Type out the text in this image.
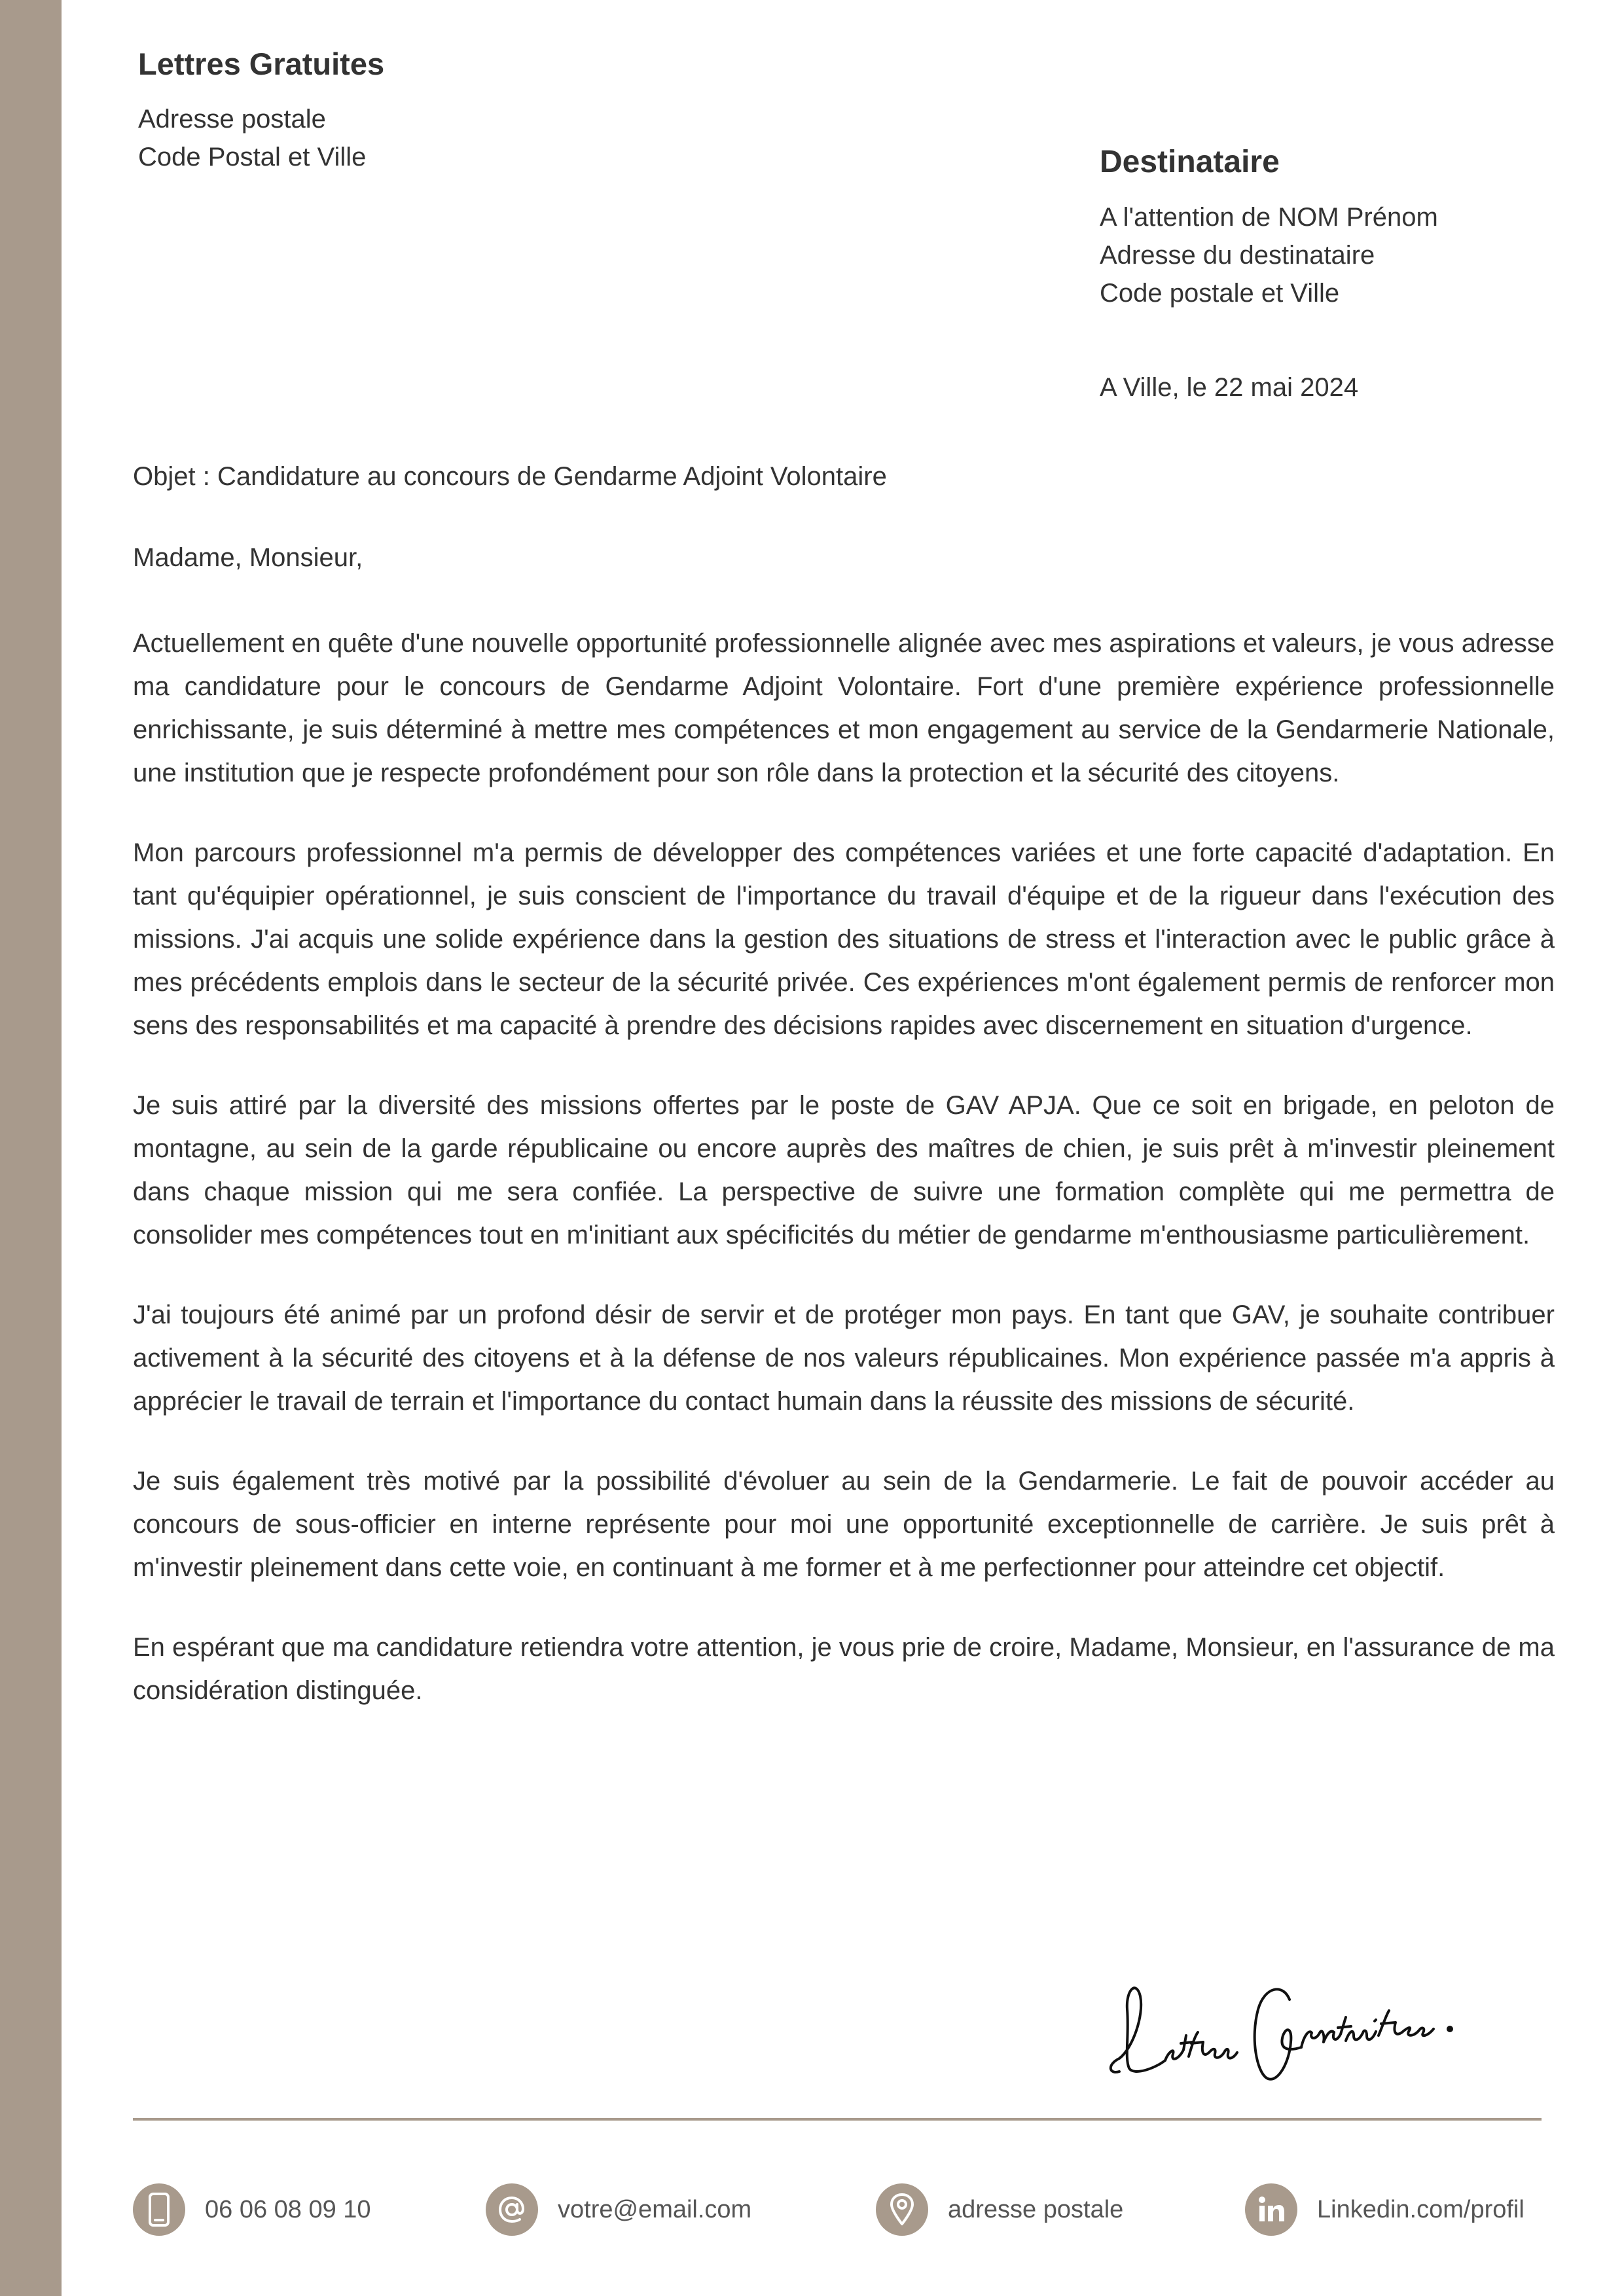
Lettres Gratuites
Adresse postale
Code Postal et Ville	Destinataire
A l'attention de NOM Prénom
Adresse du destinataire
Code postale et Ville
A Ville, le 22 mai 2024
Objet : Candidature au concours de Gendarme Adjoint Volontaire
Madame, Monsieur,

Actuellement en quête d'une nouvelle opportunité professionnelle alignée avec mes aspirations et valeurs, je vous adresse ma candidature pour le concours de Gendarme Adjoint Volontaire. Fort d'une première expérience professionnelle enrichissante, je suis déterminé à mettre mes compétences et mon engagement au service de la Gendarmerie Nationale, une institution que je respecte profondément pour son rôle dans la protection et la sécurité des citoyens.

Mon parcours professionnel m'a permis de développer des compétences variées et une forte capacité d'adaptation. En tant qu'équipier opérationnel, je suis conscient de l'importance du travail d'équipe et de la rigueur dans l'exécution des missions. J'ai acquis une solide expérience dans la gestion des situations de stress et l'interaction avec le public grâce à mes précédents emplois dans le secteur de la sécurité privée. Ces expériences m'ont également permis de renforcer mon sens des responsabilités et ma capacité à prendre des décisions rapides avec discernement en situation d'urgence.

Je suis attiré par la diversité des missions offertes par le poste de GAV APJA. Que ce soit en brigade, en peloton de montagne, au sein de la garde républicaine ou encore auprès des maîtres de chien, je suis prêt à m'investir pleinement dans chaque mission qui me sera confiée. La perspective de suivre une formation complète qui me permettra de consolider mes compétences tout en m'initiant aux spécificités du métier de gendarme m'enthousiasme particulièrement.

J'ai toujours été animé par un profond désir de servir et de protéger mon pays. En tant que GAV, je souhaite contribuer activement à la sécurité des citoyens et à la défense de nos valeurs républicaines. Mon expérience passée m'a appris à apprécier le travail de terrain et l'importance du contact humain dans la réussite des missions de sécurité.

Je suis également très motivé par la possibilité d'évoluer au sein de la Gendarmerie. Le fait de pouvoir accéder au concours de sous-officier en interne représente pour moi une opportunité exceptionnelle de carrière. Je suis prêt à m'investir pleinement dans cette voie, en continuant à me former et à me perfectionner pour atteindre cet objectif.

En espérant que ma candidature retiendra votre attention, je vous prie de croire, Madame, Monsieur, en l'assurance de ma considération distinguée.

06 06 08 09 10	votre@email.com	adresse postale	Linkedin.com/profil
